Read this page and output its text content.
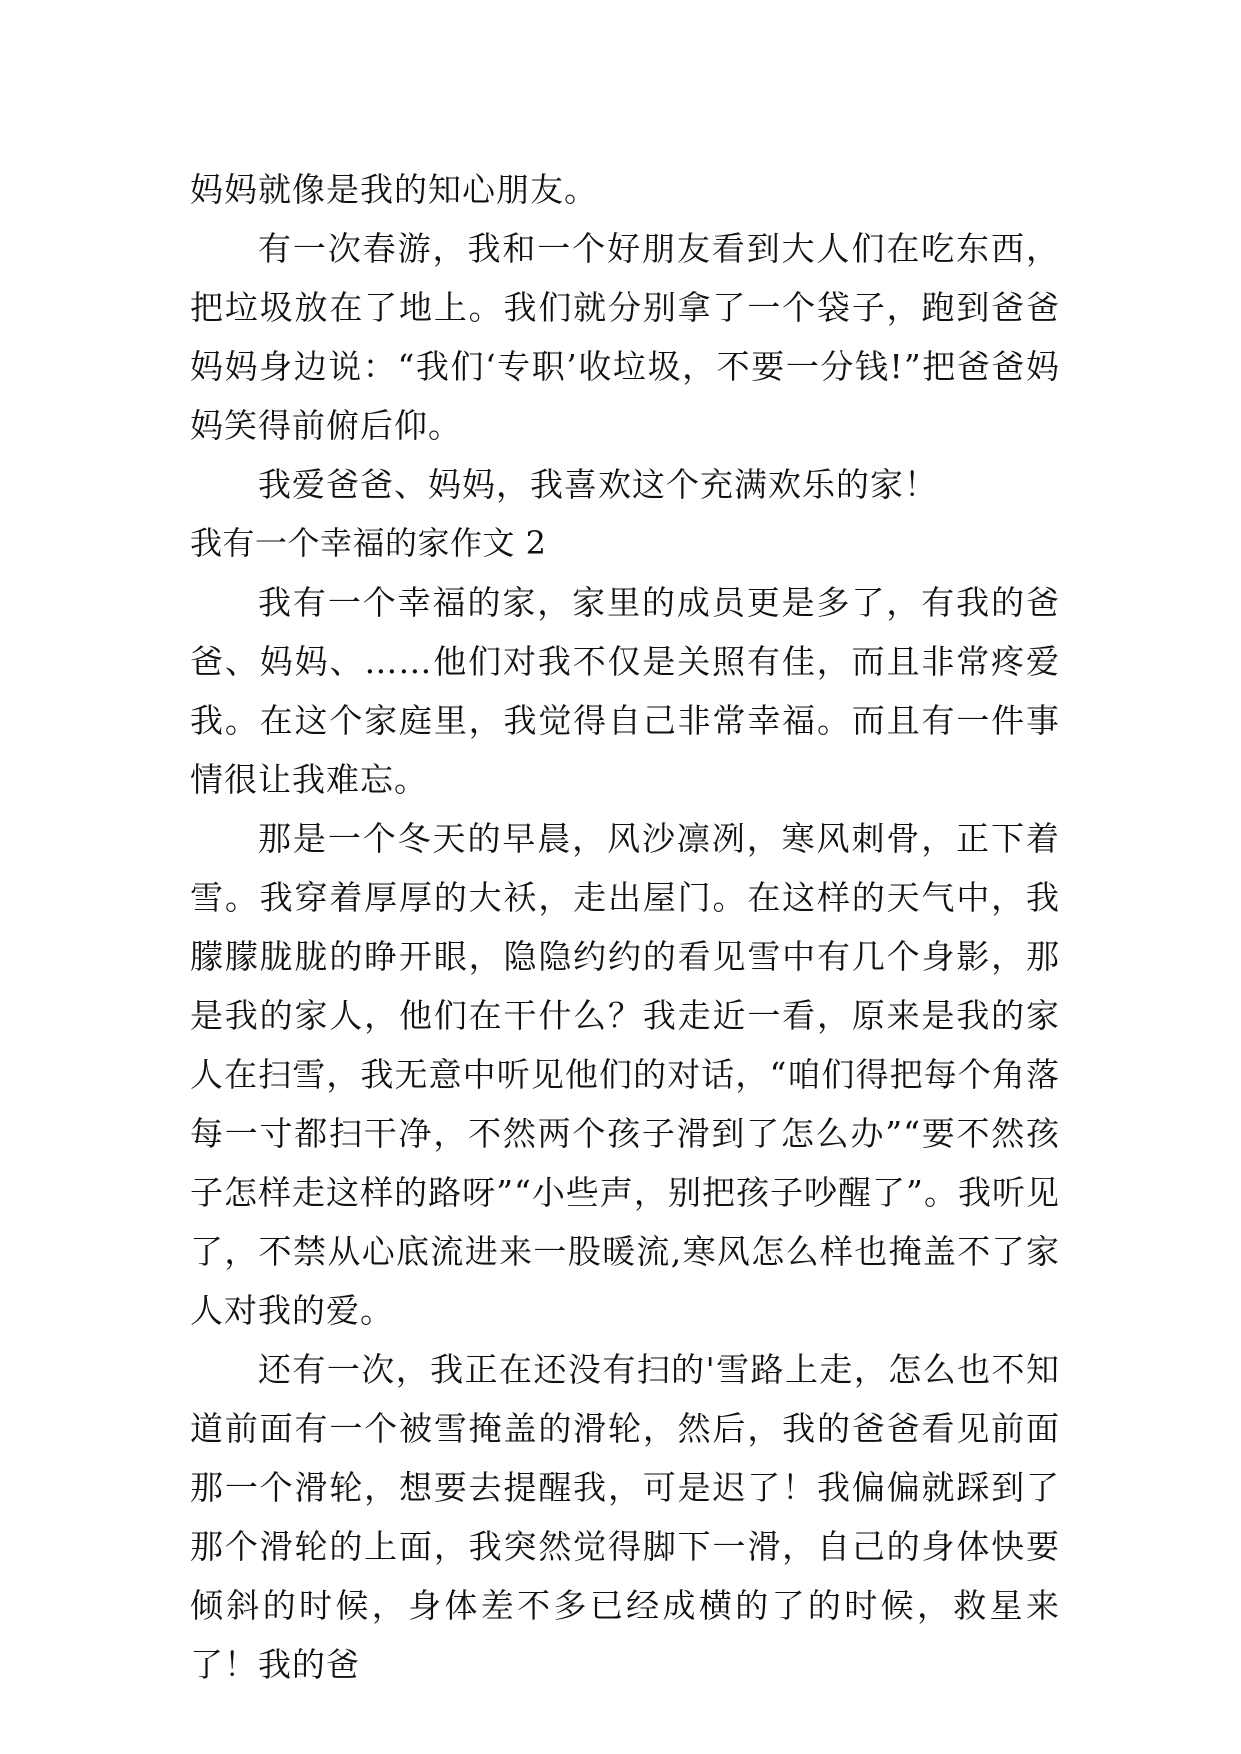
妈妈就像是我的知心朋友。

有一次春游，我和一个好朋友看到大人们在吃东西，把垃圾放在了地上。我们就分别拿了一个袋子，跑到爸爸妈妈身边说：“我们‘专职’收垃圾，不要一分钱!”把爸爸妈妈笑得前俯后仰。

我爱爸爸、妈妈，我喜欢这个充满欢乐的家！

我有一个幸福的家作文 2

我有一个幸福的家，家里的成员更是多了，有我的爸爸、妈妈、……他们对我不仅是关照有佳，而且非常疼爱我。在这个家庭里，我觉得自己非常幸福。而且有一件事情很让我难忘。

那是一个冬天的早晨，风沙凛冽，寒风刺骨，正下着雪。我穿着厚厚的大袄，走出屋门。在这样的天气中，我朦朦胧胧的睁开眼，隐隐约约的看见雪中有几个身影，那是我的家人，他们在干什么？我走近一看，原来是我的家人在扫雪，我无意中听见他们的对话，“咱们得把每个角落每一寸都扫干净，不然两个孩子滑到了怎么办”“要不然孩子怎样走这样的路呀”“小些声，别把孩子吵醒了”。我听见了，不禁从心底流进来一股暖流,寒风怎么样也掩盖不了家人对我的爱。

还有一次，我正在还没有扫的'雪路上走，怎么也不知道前面有一个被雪掩盖的滑轮，然后，我的爸爸看见前面那一个滑轮，想要去提醒我，可是迟了！我偏偏就踩到了那个滑轮的上面，我突然觉得脚下一滑，自己的身体快要倾斜的时候，身体差不多已经成横的了的时候，救星来了！我的爸
